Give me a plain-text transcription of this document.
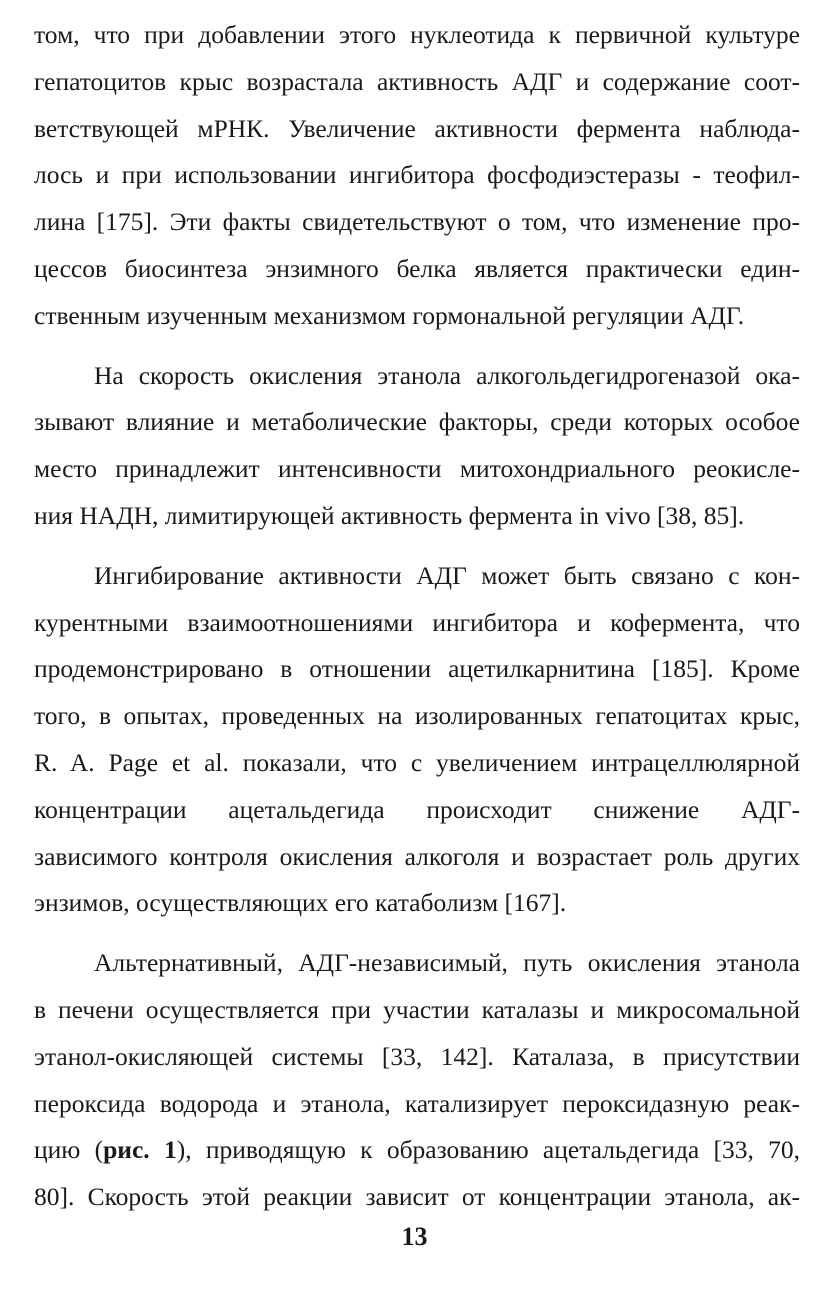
том, что при добавлении этого нуклеотида к первичной культуре
гепатоцитов крыс возрастала активность АДГ и содержание соот-
ветствующей мРНК. Увеличение активности фермента наблюда-
лось и при использовании ингибитора фосфодиэстеразы - теофил-
лина [175]. Эти факты свидетельствуют о том, что изменение про-
цессов биосинтеза энзимного белка является практически един-
ственным изученным механизмом гормональной регуляции АДГ.

На скорость окисления этанола алкогольдегидрогеназой ока-
зывают влияние и метаболические факторы, среди которых особое
место принадлежит интенсивности митохондриального реокисле-
ния НАДН, лимитирующей активность фермента in vivo [38, 85].

Ингибирование активности АДГ может быть связано с кон-
курентными взаимоотношениями ингибитора и кофермента, что
продемонстрировано в отношении ацетилкарнитина [185]. Кроме
того, в опытах, проведенных на изолированных гепатоцитах крыс,
R. A. Page et al. показали, что с увеличением интрацеллюлярной
концентрации ацетальдегида происходит снижение АДГ-
зависимого контроля окисления алкоголя и возрастает роль других
энзимов, осуществляющих его катаболизм [167].

Альтернативный, АДГ-независимый, путь окисления этанола
в печени осуществляется при участии каталазы и микросомальной
этанол-окисляющей системы [33, 142]. Каталаза, в присутствии
пероксида водорода и этанола, катализирует пероксидазную реак-
цию (рис. 1), приводящую к образованию ацетальдегида [33, 70,
80]. Скорость этой реакции зависит от концентрации этанола, ак-

13
